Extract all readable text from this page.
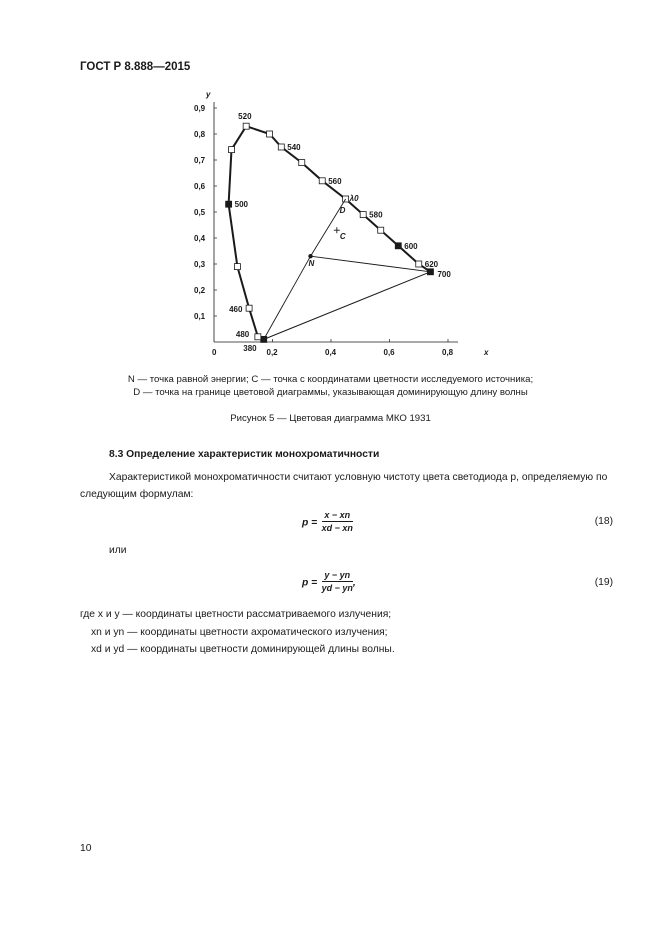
ГОСТ Р 8.888—2015
0,1
0,2
0,3
0,4
0,5
0,6
0,7
0,8
0,9
0	0,2	0,4	0,6	0,8
y
x
480
460
500
520
540
560
580
600
620
700
380
N
C
D
λ0
N — точка равной энергии; C — точка с координатами цветности исследуемого источника;
D — точка на границе цветовой диаграммы, указывающая доминирующую длину волны
Рисунок 5 — Цветовая диаграмма МКО 1931
8.3 Определение характеристик монохроматичности
Характеристикой монохроматичности считают условную чистоту цвета светодиода p, определяемую по следующим формулам:
$p = \frac{x - xn}{xd - xn}$	(18)
или
$p = \frac{y - yn}{yd - yn}$ ,	(19)
где x и y — координаты цветности рассматриваемого излучения;
xn и yn — координаты цветности ахроматического излучения;
xd и yd — координаты цветности доминирующей длины волны.
10
